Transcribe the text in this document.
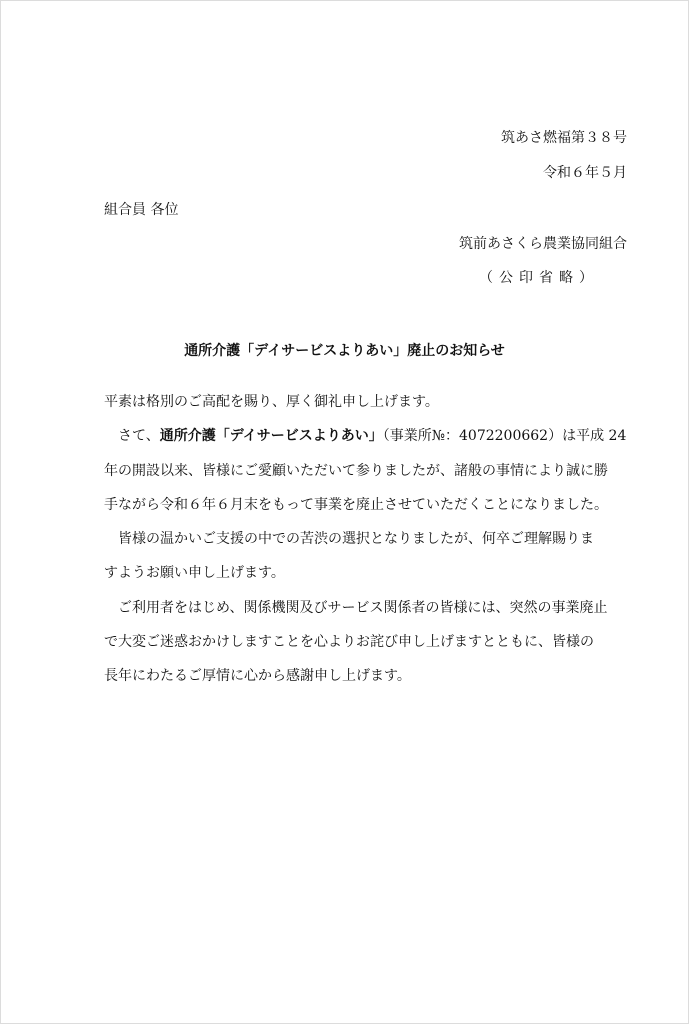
筑あさ燃福第３８号
令和６年５月
組合員 各位
筑前あさくら農業協同組合
（公印省略）
通所介護「デイサービスよりあい」廃止のお知らせ
平素は格別のご高配を賜り、厚く御礼申し上げます。
　さて、通所介護「デイサービスよりあい」（事業所№：4072200662）は平成 24
年の開設以来、皆様にご愛顧いただいて参りましたが、諸般の事情により誠に勝
手ながら令和６年６月末をもって事業を廃止させていただくことになりました。
　皆様の温かいご支援の中での苦渋の選択となりましたが、何卒ご理解賜りま
すようお願い申し上げます。
　ご利用者をはじめ、関係機関及びサービス関係者の皆様には、突然の事業廃止
で大変ご迷惑おかけしますことを心よりお詫び申し上げますとともに、皆様の
長年にわたるご厚情に心から感謝申し上げます。
